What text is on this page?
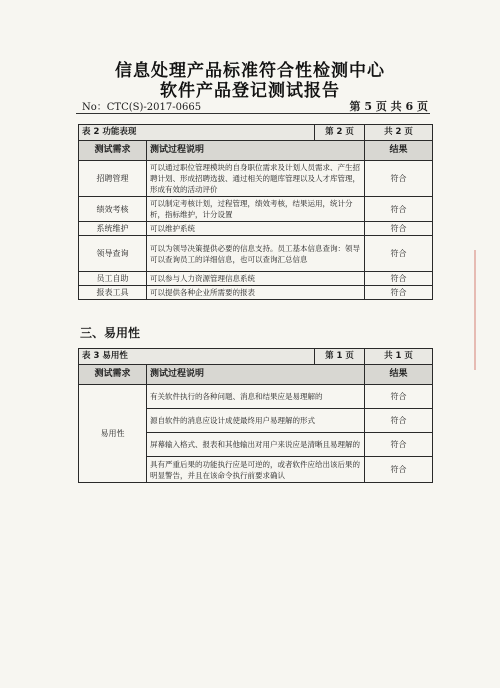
信息处理产品标准符合性检测中心
软件产品登记测试报告
No：CTC(S)-2017-0665	第 5 页 共 6 页
表 2 功能表现		第 2 页	共 2 页
测试需求	测试过程说明		结果
招聘管理	可以通过职位管理模块的自身职位需求及计划人员需求、产生招聘计划、形成招聘选拔、通过相关的题库管理以及人才库管理，形成有效的活动评价		符合
绩效考核	可以制定考核计划，过程管理，绩效考核，结果运用，统计分析，指标维护，计分设置		符合
系统维护	可以维护系统		符合
领导查询	可以为领导决策提供必要的信息支持。员工基本信息查询：领导可以查询员工的详细信息，也可以查询汇总信息		符合
员工自助	可以参与人力资源管理信息系统		符合
报表工具	可以提供各种企业所需要的报表		符合
三、易用性
表 3 易用性		第 1 页	共 1 页
测试需求	测试过程说明		结果
易用性	有关软件执行的各种问题、消息和结果应是易理解的		符合
	源自软件的消息应设计成使最终用户易理解的形式		符合
	屏幕输入格式、报表和其他输出对用户来说应是清晰且易理解的		符合
	具有严重后果的功能执行应是可逆的，或者软件应给出该后果的明显警告，并且在该命令执行前要求确认		符合
